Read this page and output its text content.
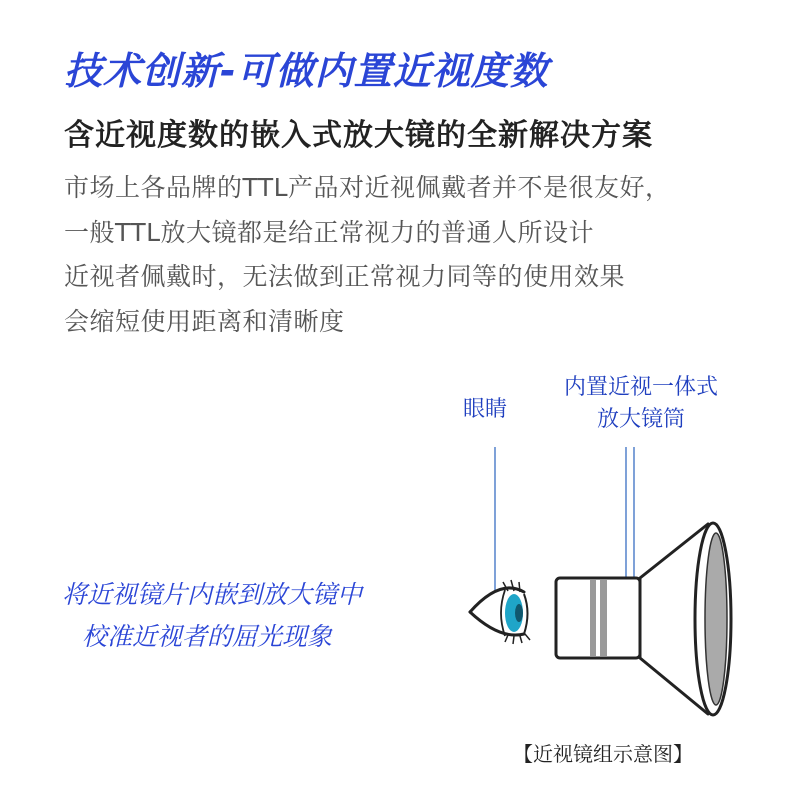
技术创新-可做内置近视度数
含近视度数的嵌入式放大镜的全新解决方案
市场上各品牌的TTL产品对近视佩戴者并不是很友好，
一般TTL放大镜都是给正常视力的普通人所设计
近视者佩戴时，无法做到正常视力同等的使用效果
会缩短使用距离和清晰度
眼睛
内置近视一体式
放大镜筒
将近视镜片内嵌到放大镜中
校准近视者的屈光现象
【近视镜组示意图】
